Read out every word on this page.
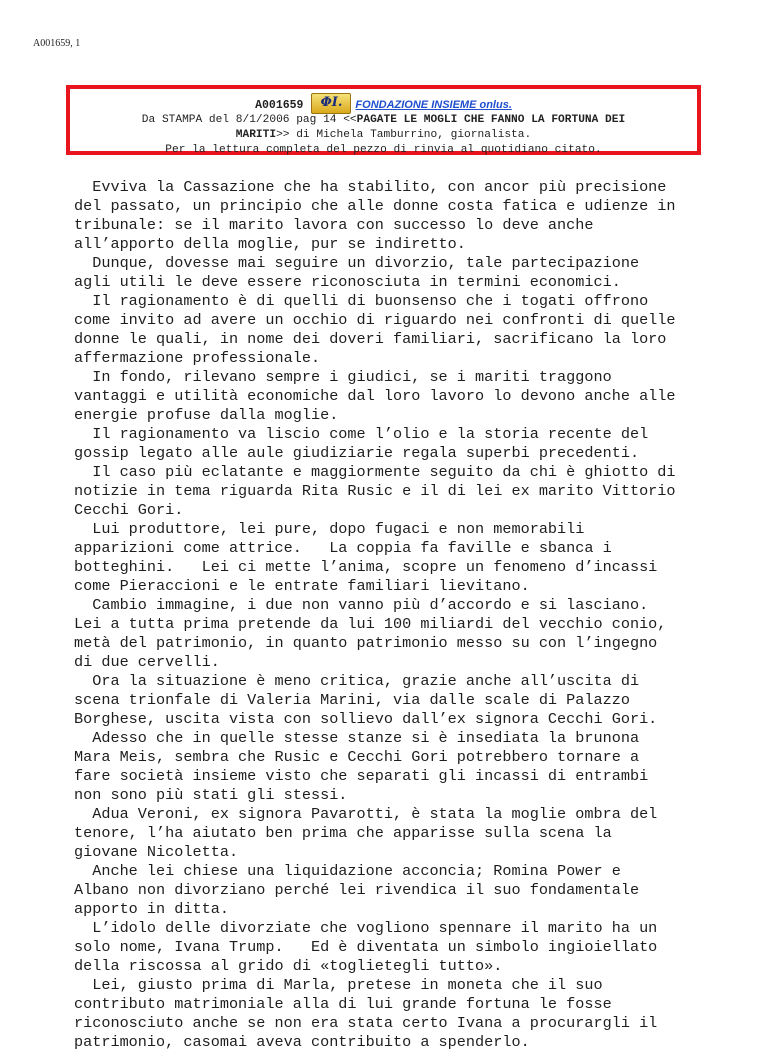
A001659, 1
A001659	ΦI.	FONDAZIONE INSIEME onlus.
Da STAMPA del 8/1/2006 pag 14 <<PAGATE LE MOGLI CHE FANNO LA FORTUNA DEI
MARITI>> di Michela Tamburrino, giornalista.
Per la lettura completa del pezzo di rinvia al quotidiano citato.
Evviva la Cassazione che ha stabilito, con ancor più precisione
del passato, un principio che alle donne costa fatica e udienze in
tribunale: se il marito lavora con successo lo deve anche
all’apporto della moglie, pur se indiretto.
Dunque, dovesse mai seguire un divorzio, tale partecipazione
agli utili le deve essere riconosciuta in termini economici.
Il ragionamento è di quelli di buonsenso che i togati offrono
come invito ad avere un occhio di riguardo nei confronti di quelle
donne le quali, in nome dei doveri familiari, sacrificano la loro
affermazione professionale.
In fondo, rilevano sempre i giudici, se i mariti traggono
vantaggi e utilità economiche dal loro lavoro lo devono anche alle
energie profuse dalla moglie.
Il ragionamento va liscio come l’olio e la storia recente del
gossip legato alle aule giudiziarie regala superbi precedenti.
Il caso più eclatante e maggiormente seguito da chi è ghiotto di
notizie in tema riguarda Rita Rusic e il di lei ex marito Vittorio
Cecchi Gori.
Lui produttore, lei pure, dopo fugaci e non memorabili
apparizioni come attrice.   La coppia fa faville e sbanca i
botteghini.   Lei ci mette l’anima, scopre un fenomeno d’incassi
come Pieraccioni e le entrate familiari lievitano.
Cambio immagine, i due non vanno più d’accordo e si lasciano.
Lei a tutta prima pretende da lui 100 miliardi del vecchio conio,
metà del patrimonio, in quanto patrimonio messo su con l’ingegno
di due cervelli.
Ora la situazione è meno critica, grazie anche all’uscita di
scena trionfale di Valeria Marini, via dalle scale di Palazzo
Borghese, uscita vista con sollievo dall’ex signora Cecchi Gori.
Adesso che in quelle stesse stanze si è insediata la brunona
Mara Meis, sembra che Rusic e Cecchi Gori potrebbero tornare a
fare società insieme visto che separati gli incassi di entrambi
non sono più stati gli stessi.
Adua Veroni, ex signora Pavarotti, è stata la moglie ombra del
tenore, l’ha aiutato ben prima che apparisse sulla scena la
giovane Nicoletta.
Anche lei chiese una liquidazione acconcia; Romina Power e
Albano non divorziano perché lei rivendica il suo fondamentale
apporto in ditta.
L’idolo delle divorziate che vogliono spennare il marito ha un
solo nome, Ivana Trump.   Ed è diventata un simbolo ingioiellato
della riscossa al grido di «toglietegli tutto».
Lei, giusto prima di Marla, pretese in moneta che il suo
contributo matrimoniale alla di lui grande fortuna le fosse
riconosciuto anche se non era stata certo Ivana a procurargli il
patrimonio, casomai aveva contribuito a spenderlo.
